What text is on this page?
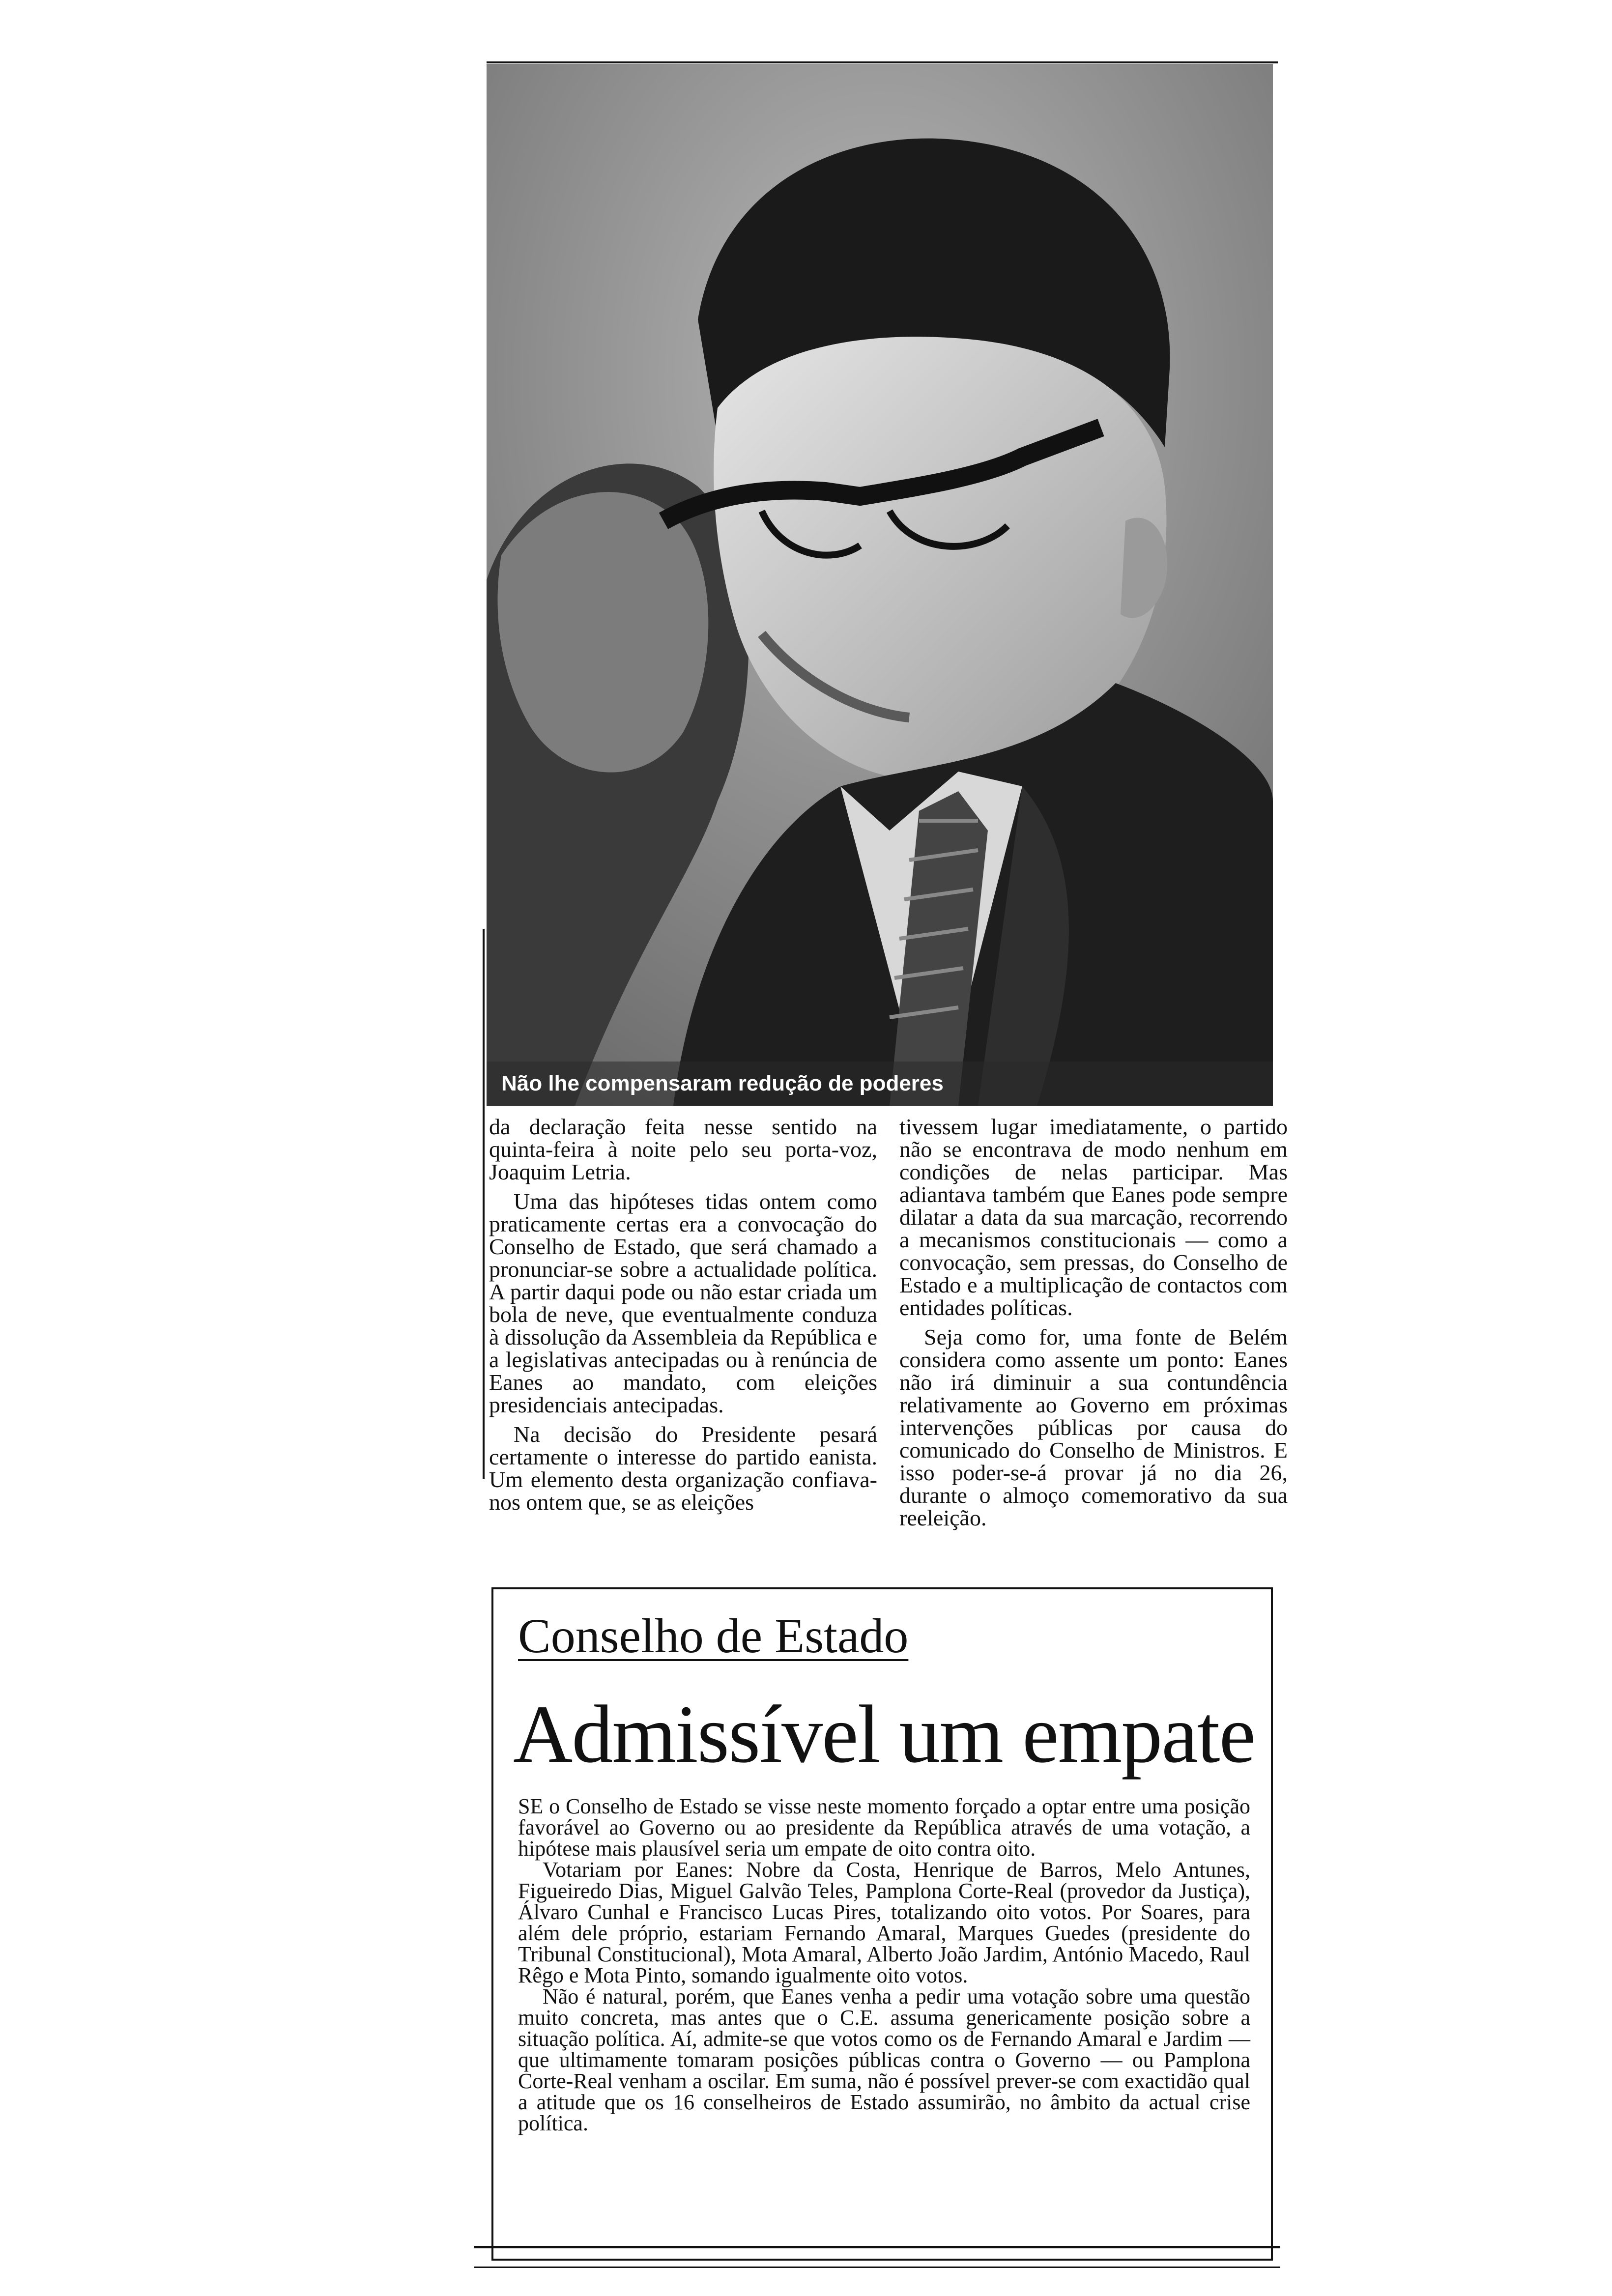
Não lhe compensaram redução de poderes

da declaração feita nesse sentido na quinta-feira à noite pelo seu porta-voz, Joaquim Letria.

Uma das hipóteses tidas ontem como praticamente certas era a convocação do Conselho de Estado, que será chamado a pronunciar-se sobre a actualidade política. A partir daqui pode ou não estar criada um bola de neve, que eventualmente conduza à dissolução da Assembleia da República e a legislativas antecipadas ou à renúncia de Eanes ao mandato, com eleições presidenciais antecipadas.

Na decisão do Presidente pesará certamente o interesse do partido eanista. Um elemento desta organização confiava-nos ontem que, se as eleições

tivessem lugar imediatamente, o partido não se encontrava de modo nenhum em condições de nelas participar. Mas adiantava também que Eanes pode sempre dilatar a data da sua marcação, recorrendo a mecanismos constitucionais — como a convocação, sem pressas, do Conselho de Estado e a multiplicação de contactos com entidades políticas.

Seja como for, uma fonte de Belém considera como assente um ponto: Eanes não irá diminuir a sua contundência relativamente ao Governo em próximas intervenções públicas por causa do comunicado do Conselho de Ministros. E isso poder-se-á provar já no dia 26, durante o almoço comemorativo da sua reeleição.

Conselho de Estado
Admissível um empate

SE o Conselho de Estado se visse neste momento forçado a optar entre uma posição favorável ao Governo ou ao presidente da República através de uma votação, a hipótese mais plausível seria um empate de oito contra oito.

Votariam por Eanes: Nobre da Costa, Henrique de Barros, Melo Antunes, Figueiredo Dias, Miguel Galvão Teles, Pamplona Corte-Real (provedor da Justiça), Álvaro Cunhal e Francisco Lucas Pires, totalizando oito votos. Por Soares, para além dele próprio, estariam Fernando Amaral, Marques Guedes (presidente do Tribunal Constitucional), Mota Amaral, Alberto João Jardim, António Macedo, Raul Rêgo e Mota Pinto, somando igualmente oito votos.

Não é natural, porém, que Eanes venha a pedir uma votação sobre uma questão muito concreta, mas antes que o C.E. assuma genericamente posição sobre a situação política. Aí, admite-se que votos como os de Fernando Amaral e Jardim — que ultimamente tomaram posições públicas contra o Governo — ou Pamplona Corte-Real venham a oscilar. Em suma, não é possível prever-se com exactidão qual a atitude que os 16 conselheiros de Estado assumirão, no âmbito da actual crise política.
